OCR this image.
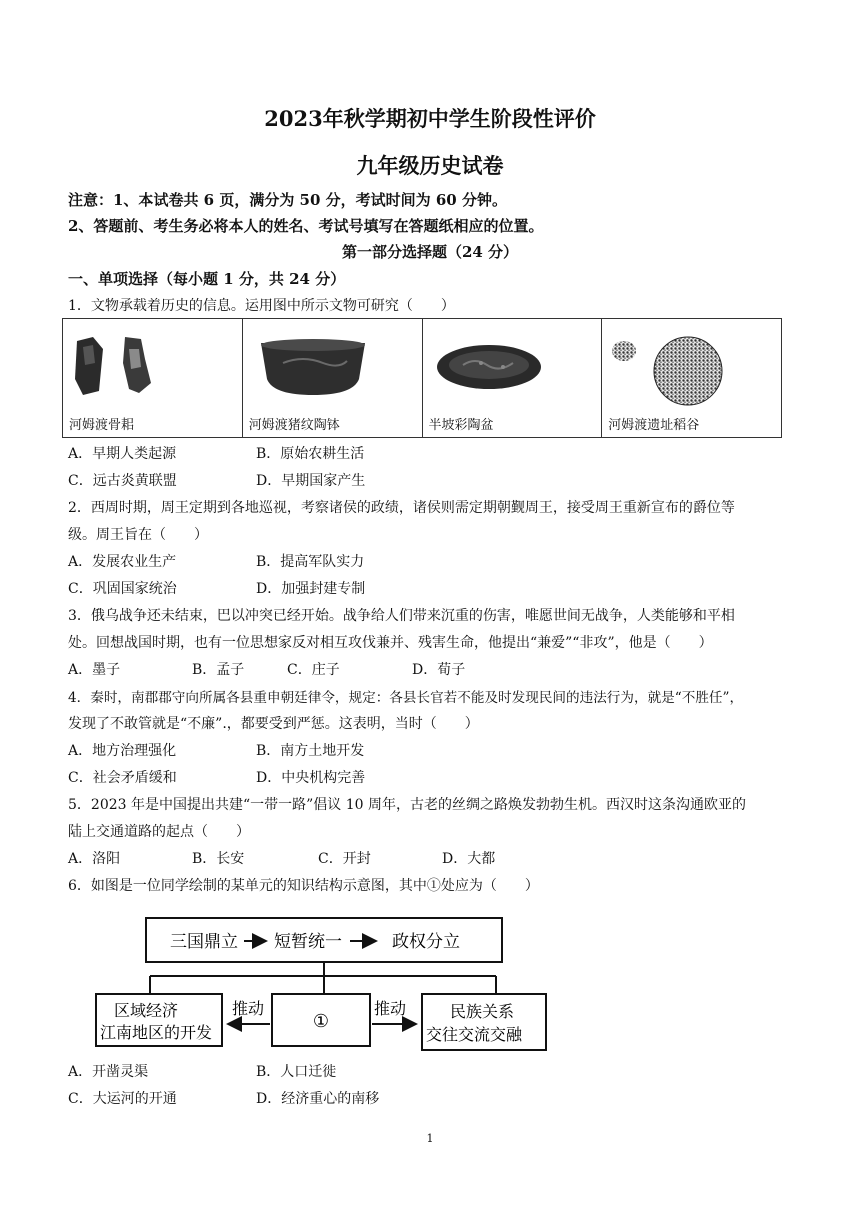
2023年秋学期初中学生阶段性评价
九年级历史试卷
注意：1、本试卷共 6 页，满分为 50 分，考试时间为 60 分钟。
2、答题前、考生务必将本人的姓名、考试号填写在答题纸相应的位置。
第一部分选择题（24 分）
一、单项选择（每小题 1 分，共 24 分）
1．文物承载着历史的信息。运用图中所示文物可研究（　　）
河姆渡骨耜	河姆渡猪纹陶钵	半坡彩陶盆	河姆渡遗址稻谷
A．早期人类起源	B．原始农耕生活
C．远古炎黄联盟	D．早期国家产生
2．西周时期，周王定期到各地巡视，考察诸侯的政绩，诸侯则需定期朝觐周王，接受周王重新宣布的爵位等
级。周王旨在（　　）
A．发展农业生产	B．提高军队实力
C．巩固国家统治	D．加强封建专制
3．俄乌战争还未结束，巴以冲突已经开始。战争给人们带来沉重的伤害，唯愿世间无战争，人类能够和平相
处。回想战国时期，也有一位思想家反对相互攻伐兼并、残害生命，他提出“兼爱”“非攻”，他是（　　）
A．墨子	B．孟子	C．庄子	D．荀子
4．秦时，南郡郡守向所属各县重申朝廷律令，规定：各县长官若不能及时发现民间的违法行为，就是“不胜任”，
发现了不敢管就是“不廉”.，都要受到严惩。这表明，当时（　　）
A．地方治理强化	B．南方土地开发
C．社会矛盾缓和	D．中央机构完善
5．2023 年是中国提出共建“一带一路”倡议 10 周年，古老的丝绸之路焕发勃勃生机。西汉时这条沟通欧亚的
陆上交通道路的起点（　　）
A．洛阳	B．长安	C．开封	D．大都
6．如图是一位同学绘制的某单元的知识结构示意图，其中①处应为（　　）
三国鼎立 短暂统一	政权分立
区域经济
江南地区的开发
①	民族关系
交往交流交融
推动	推动
A．开凿灵渠	B．人口迁徙
C．大运河的开通	D．经济重心的南移
1
